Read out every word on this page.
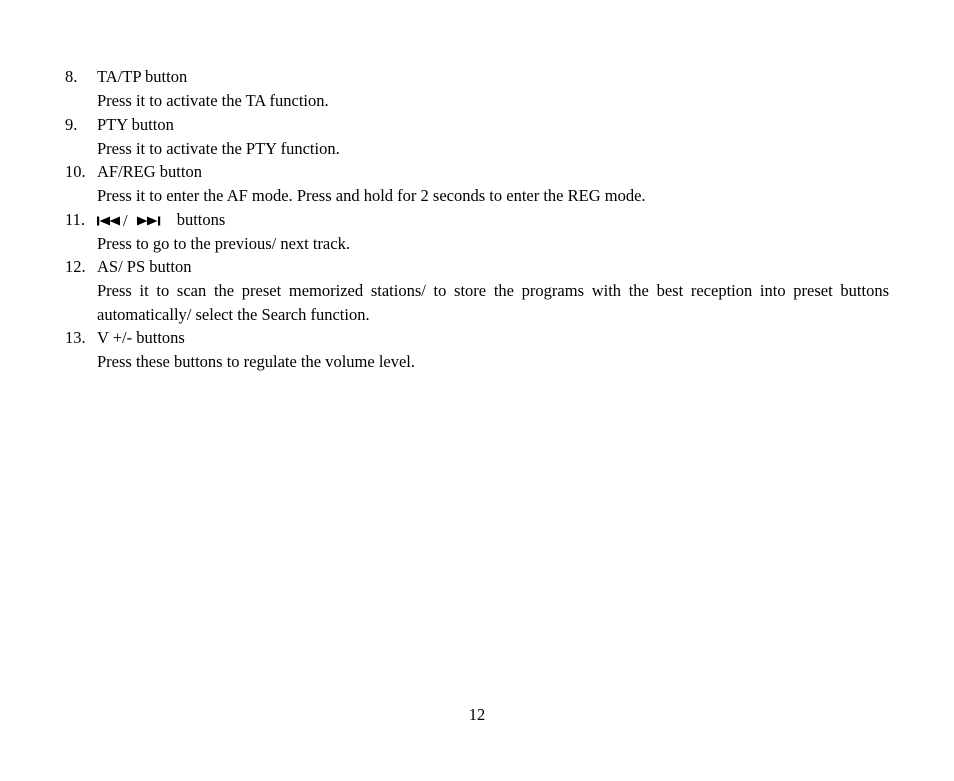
8. TA/TP button
Press it to activate the TA function.
9. PTY button
Press it to activate the PTY function.
10. AF/REG button
Press it to enter the AF mode. Press and hold for 2 seconds to enter the REG mode.
11. /	buttons
Press to go to the previous/ next track.
12. AS/ PS button
Press it to scan the preset memorized stations/ to store the programs with the best reception into preset buttons automatically/ select the Search function.
13. V +/- buttons
Press these buttons to regulate the volume level.
12
